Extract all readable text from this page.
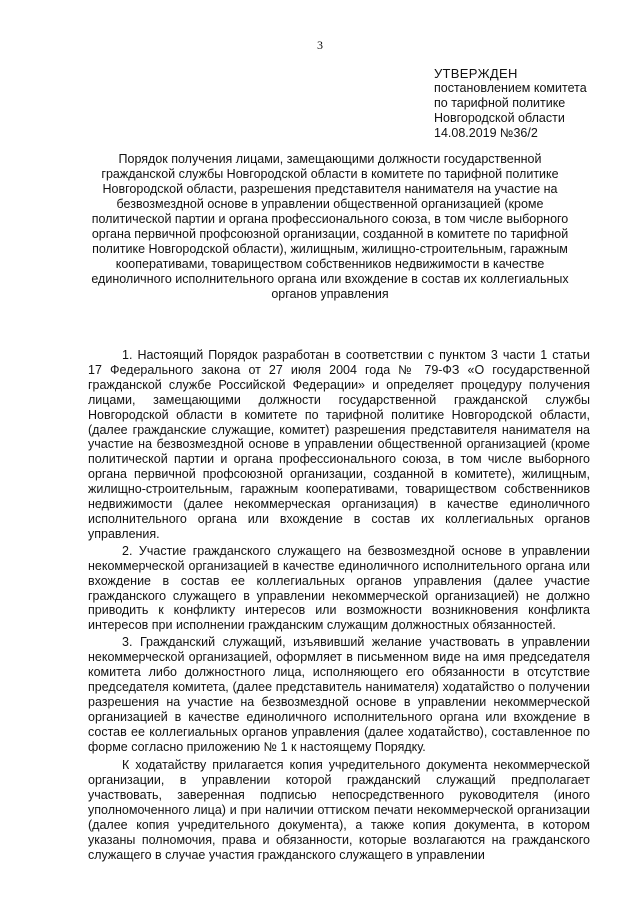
3
УТВЕРЖДЕН
постановлением комитета
по тарифной политике
Новгородской области
14.08.2019 №36/2
Порядок получения лицами, замещающими должности государственной гражданской службы Новгородской области в комитете по тарифной политике Новгородской области, разрешения представителя нанимателя на участие на безвозмездной основе в управлении общественной организацией (кроме политической партии и органа профессионального союза, в том числе выборного органа первичной профсоюзной организации, созданной в комитете по тарифной политике Новгородской области), жилищным, жилищно-строительным, гаражным кооперативами, товариществом собственников недвижимости в качестве единоличного исполнительного органа или вхождение в состав их коллегиальных органов управления

1. Настоящий Порядок разработан в соответствии с пунктом 3 части 1 статьи 17 Федерального закона от 27 июля 2004 года № 79-ФЗ «О государственной гражданской службе Российской Федерации» и определяет процедуру получения лицами, замещающими должности государственной гражданской службы Новгородской области в комитете по тарифной политике Новгородской области, (далее гражданские служащие, комитет) разрешения представителя нанимателя на участие на безвозмездной основе в управлении общественной организацией (кроме политической партии и органа профессионального союза, в том числе выборного органа первичной профсоюзной организации, созданной в комитете), жилищным, жилищно-строительным, гаражным кооперативами, товариществом собственников недвижимости (далее некоммерческая организация) в качестве единоличного исполнительного органа или вхождение в состав их коллегиальных органов управления.

2. Участие гражданского служащего на безвозмездной основе в управлении некоммерческой организацией в качестве единоличного исполнительного органа или вхождение в состав ее коллегиальных органов управления (далее участие гражданского служащего в управлении некоммерческой организацией) не должно приводить к конфликту интересов или возможности возникновения конфликта интересов при исполнении гражданским служащим должностных обязанностей.

3. Гражданский служащий, изъявивший желание участвовать в управлении некоммерческой организацией, оформляет в письменном виде на имя председателя комитета либо должностного лица, исполняющего его обязанности в отсутствие председателя комитета, (далее представитель нанимателя) ходатайство о получении разрешения на участие на безвозмездной основе в управлении некоммерческой организацией в качестве единоличного исполнительного органа или вхождение в состав ее коллегиальных органов управления (далее ходатайство), составленное по форме согласно приложению № 1 к настоящему Порядку.

К ходатайству прилагается копия учредительного документа некоммерческой организации, в управлении которой гражданский служащий предполагает участвовать, заверенная подписью непосредственного руководителя (иного уполномоченного лица) и при наличии оттиском печати некоммерческой организации (далее копия учредительного документа), а также копия документа, в котором указаны полномочия, права и обязанности, которые возлагаются на гражданского служащего в случае участия гражданского служащего в управлении
